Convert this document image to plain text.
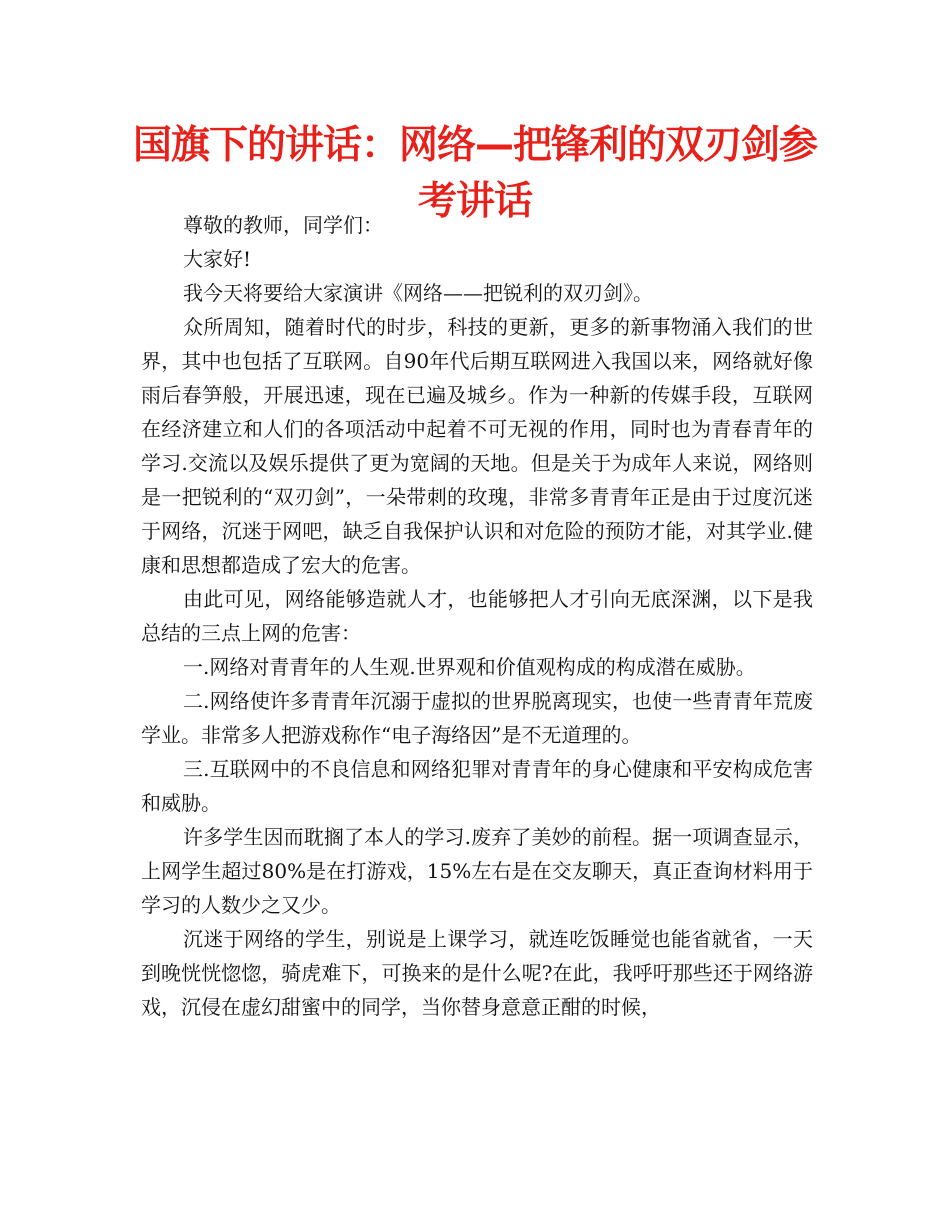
国旗下的讲话：网络—把锋利的双刃剑参考讲话

尊敬的教师，同学们：

大家好!

我今天将要给大家演讲《网络——把锐利的双刃剑》。

众所周知，随着时代的时步，科技的更新，更多的新事物涌入我们的世界，其中也包括了互联网。自90年代后期互联网进入我国以来，网络就好像雨后春笋般，开展迅速，现在已遍及城乡。作为一种新的传媒手段，互联网在经济建立和人们的各项活动中起着不可无视的作用，同时也为青春青年的学习.交流以及娱乐提供了更为宽阔的天地。但是关于为成年人来说，网络则是一把锐利的“双刃剑”，一朵带刺的玫瑰，非常多青青年正是由于过度沉迷于网络，沉迷于网吧，缺乏自我保护认识和对危险的预防才能，对其学业.健康和思想都造成了宏大的危害。

由此可见，网络能够造就人才，也能够把人才引向无底深渊，以下是我总结的三点上网的危害：

一.网络对青青年的人生观.世界观和价值观构成的构成潜在威胁。

二.网络使许多青青年沉溺于虚拟的世界脱离现实，也使一些青青年荒废学业。非常多人把游戏称作“电子海络因”是不无道理的。

三.互联网中的不良信息和网络犯罪对青青年的身心健康和平安构成危害和威胁。

许多学生因而耽搁了本人的学习.废弃了美妙的前程。据一项调查显示，上网学生超过80%是在打游戏，15%左右是在交友聊天，真正查询材料用于学习的人数少之又少。

沉迷于网络的学生，别说是上课学习，就连吃饭睡觉也能省就省，一天到晚恍恍惚惚，骑虎难下，可换来的是什么呢?在此，我呼吁那些还于网络游戏，沉侵在虚幻甜蜜中的同学，当你替身意意正酣的时候，
